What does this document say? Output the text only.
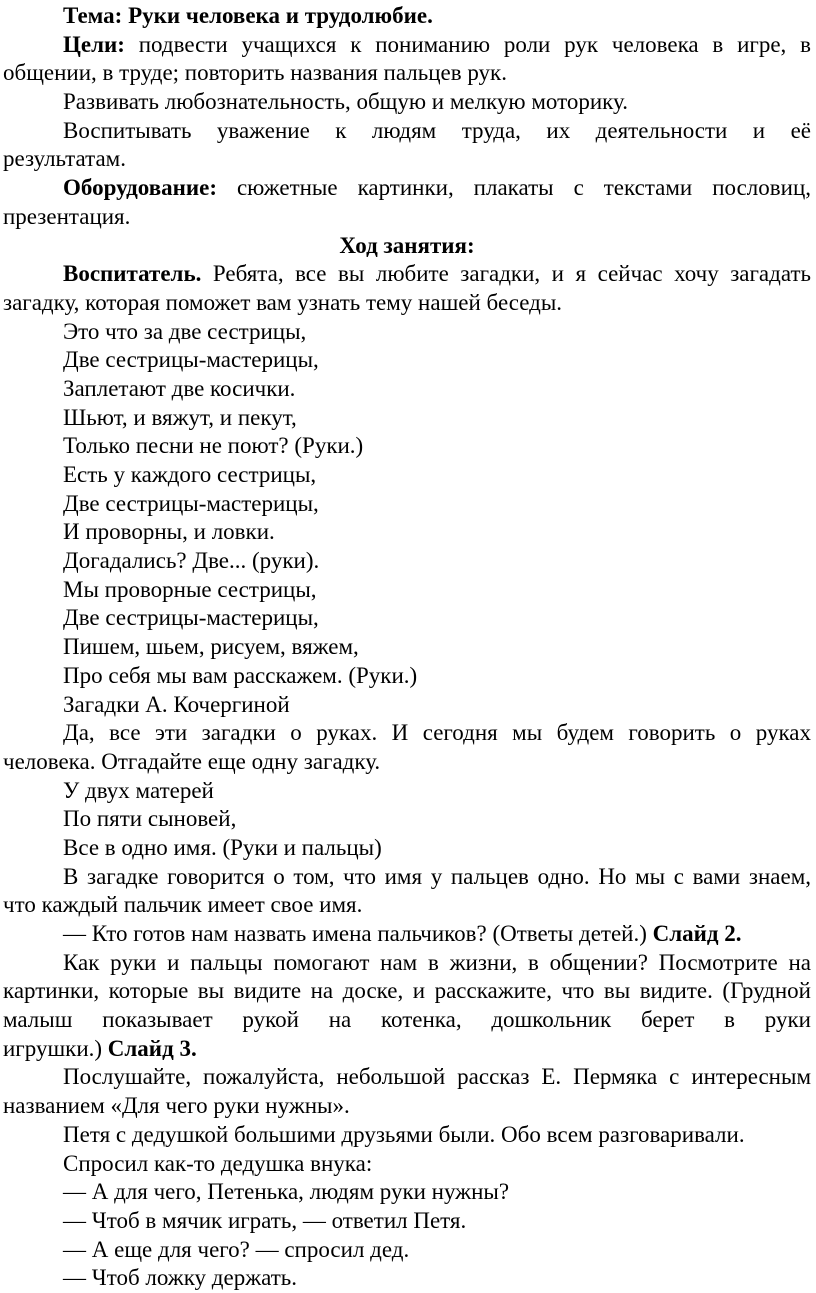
Тема: Руки человека и трудолюбие.
Цели: подвести учащихся к пониманию роли рук человека в игре, в
общении, в труде; повторить названия пальцев рук.
Развивать любознательность, общую и мелкую моторику.
Воспитывать уважение к людям труда, их деятельности и её
результатам.
Оборудование: сюжетные картинки, плакаты с текстами пословиц,
презентация.
Ход занятия:
Воспитатель. Ребята, все вы любите загадки, и я сейчас хочу загадать
загадку, которая поможет вам узнать тему нашей беседы.
Это что за две сестрицы,
Две сестрицы-мастерицы,
Заплетают две косички.
Шьют, и вяжут, и пекут,
Только песни не поют? (Руки.)
Есть у каждого сестрицы,
Две сестрицы-мастерицы,
И проворны, и ловки.
Догадались? Две... (руки).
Мы проворные сестрицы,
Две сестрицы-мастерицы,
Пишем, шьем, рисуем, вяжем,
Про себя мы вам расскажем. (Руки.)
Загадки А. Кочергиной
Да, все эти загадки о руках. И сегодня мы будем говорить о руках
человека. Отгадайте еще одну загадку.
У двух матерей
По пяти сыновей,
Все в одно имя. (Руки и пальцы)
В загадке говорится о том, что имя у пальцев одно. Но мы с вами знаем,
что каждый пальчик имеет свое имя.
— Кто готов нам назвать имена пальчиков? (Ответы детей.) Слайд 2.
Как руки и пальцы помогают нам в жизни, в общении? Посмотрите на
картинки, которые вы видите на доске, и расскажите, что вы видите. (Грудной
малыш показывает рукой на котенка, дошкольник берет в руки
игрушки.) Слайд 3.
Послушайте, пожалуйста, небольшой рассказ Е. Пермяка с интересным
названием «Для чего руки нужны».
Петя с дедушкой большими друзьями были. Обо всем разговаривали.
Спросил как-то дедушка внука:
— А для чего, Петенька, людям руки нужны?
— Чтоб в мячик играть, — ответил Петя.
— А еще для чего? — спросил дед.
— Чтоб ложку держать.
